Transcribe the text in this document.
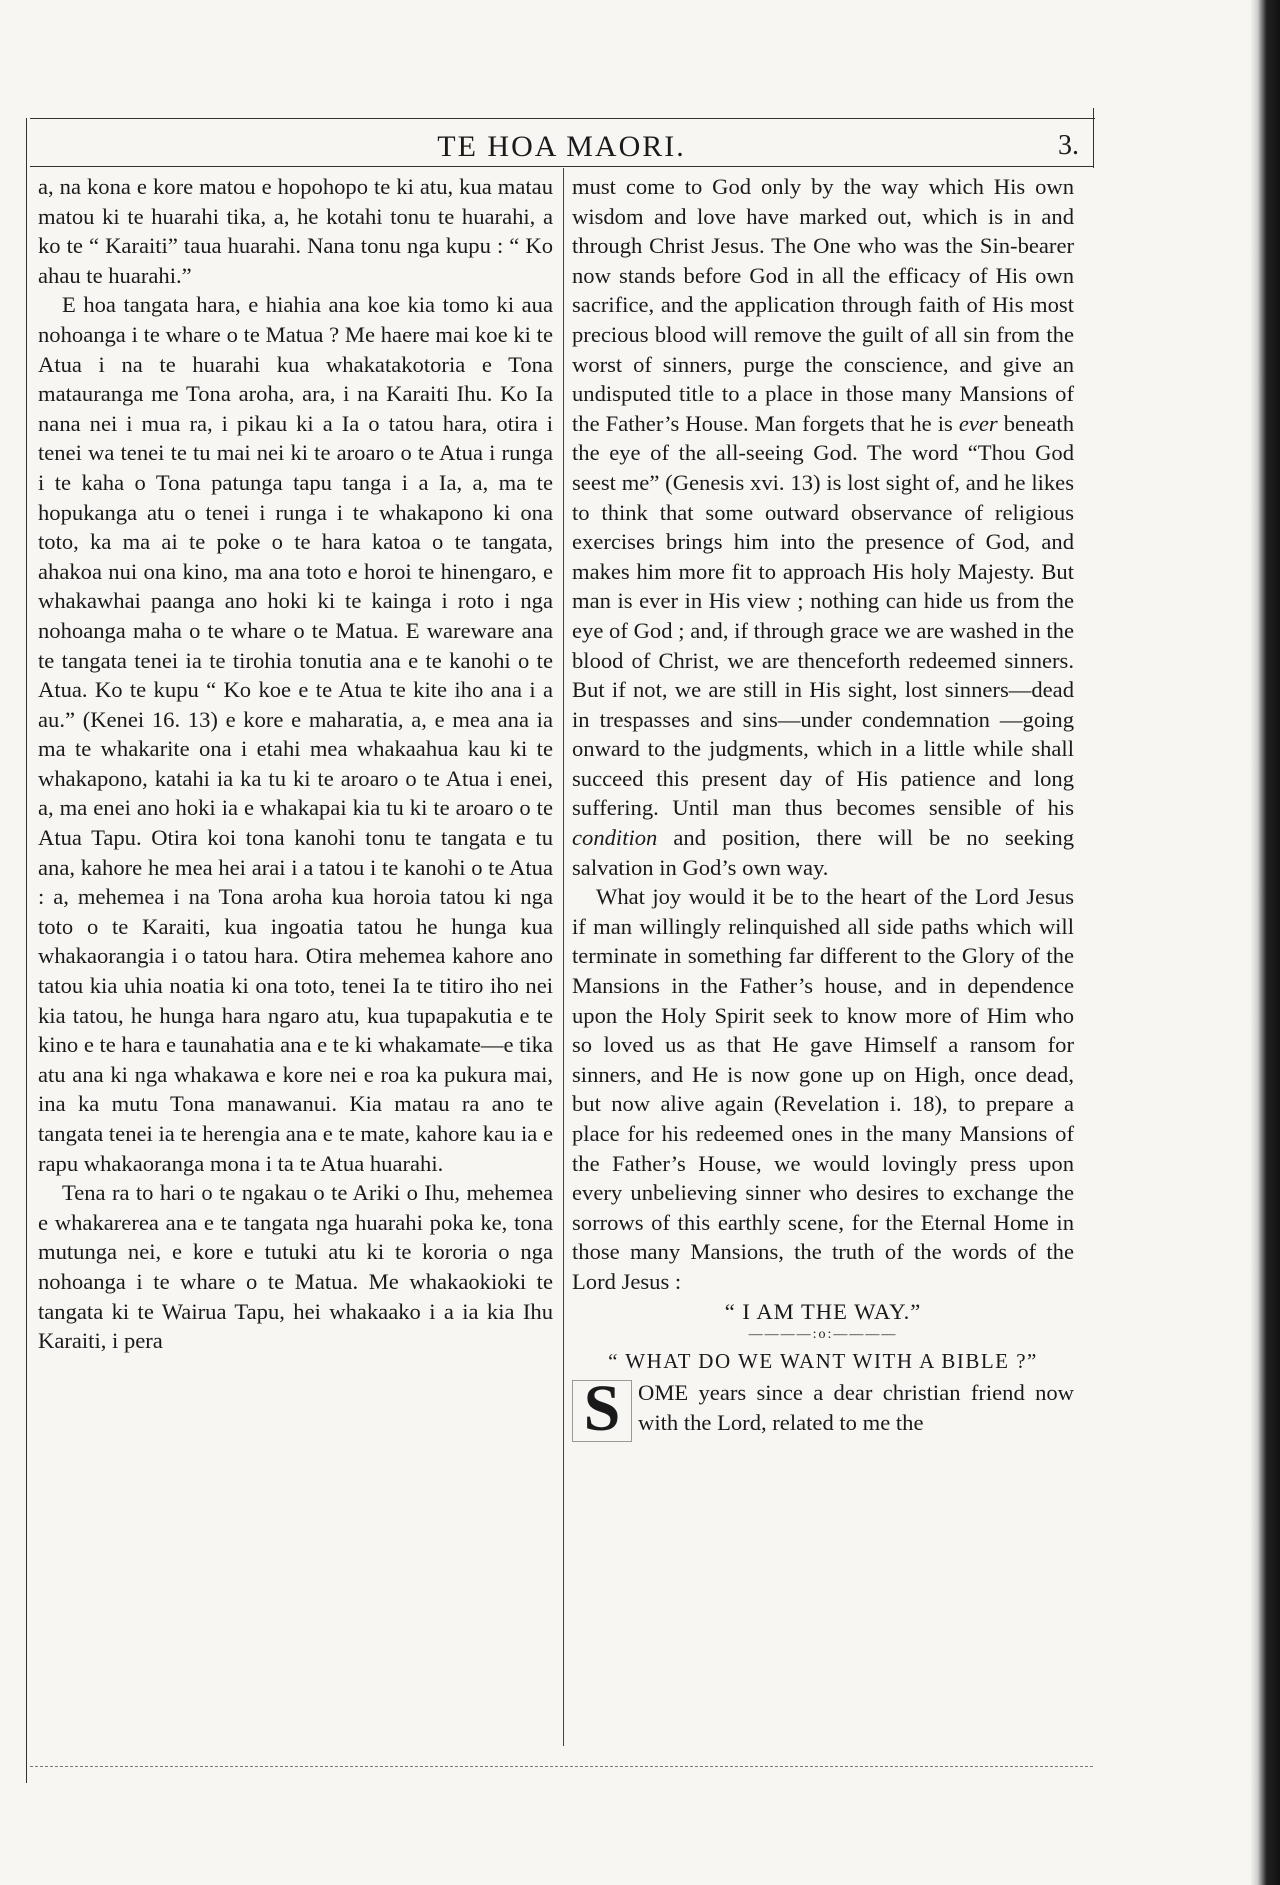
TE HOA MAORI.	3.

a, na kona e kore matou e hopohopo te ki atu, kua matau matou ki te huarahi tika, a, he kotahi tonu te huarahi, a ko te “ Karaiti” taua huarahi. Nana tonu nga kupu : “ Ko ahau te huarahi.”

E hoa tangata hara, e hiahia ana koe kia tomo ki aua nohoanga i te whare o te Matua ? Me haere mai koe ki te Atua i na te huarahi kua whakatakotoria e Tona matauranga me Tona aroha, ara, i na Karaiti Ihu. Ko Ia nana nei i mua ra, i pikau ki a Ia o tatou hara, otira i tenei wa tenei te tu mai nei ki te aroaro o te Atua i runga i te kaha o Tona patunga tapu tanga i a Ia, a, ma te hopukanga atu o tenei i runga i te whakapono ki ona toto, ka ma ai te poke o te hara katoa o te tangata, ahakoa nui ona kino, ma ana toto e horoi te hinengaro, e whakawhai paanga ano hoki ki te kainga i roto i nga nohoanga maha o te whare o te Matua. E wareware ana te tangata tenei ia te tirohia tonutia ana e te kanohi o te Atua. Ko te kupu “ Ko koe e te Atua te kite iho ana i a au.” (Kenei 16. 13) e kore e maharatia, a, e mea ana ia ma te whakarite ona i etahi mea whakaahua kau ki te whakapono, katahi ia ka tu ki te aroaro o te Atua i enei, a, ma enei ano hoki ia e whakapai kia tu ki te aroaro o te Atua Tapu. Otira koi tona kanohi tonu te tangata e tu ana, kahore he mea hei arai i a tatou i te kanohi o te Atua : a, mehemea i na Tona aroha kua horoia tatou ki nga toto o te Karaiti, kua ingoatia tatou he hunga kua whakaorangia i o tatou hara. Otira mehemea kahore ano tatou kia uhia noatia ki ona toto, tenei Ia te titiro iho nei kia tatou, he hunga hara ngaro atu, kua tupapakutia e te kino e te hara e taunahatia ana e te ki whakamate—e tika atu ana ki nga whakawa e kore nei e roa ka pukura mai, ina ka mutu Tona manawanui. Kia matau ra ano te tangata tenei ia te herengia ana e te mate, kahore kau ia e rapu whakaoranga mona i ta te Atua huarahi.

Tena ra to hari o te ngakau o te Ariki o Ihu, mehemea e whakarerea ana e te tangata nga huarahi poka ke, tona mutunga nei, e kore e tutuki atu ki te kororia o nga nohoanga i te whare o te Matua. Me whakaokioki te tangata ki te Wairua Tapu, hei whakaako i a ia kia Ihu Karaiti, i pera

must come to God only by the way which His own wisdom and love have marked out, which is in and through Christ Jesus. The One who was the Sin-bearer now stands before God in all the efficacy of His own sacrifice, and the application through faith of His most precious blood will remove the guilt of all sin from the worst of sinners, purge the conscience, and give an undisputed title to a place in those many Mansions of the Father’s House. Man forgets that he is ever beneath the eye of the all-seeing God. The word “Thou God seest me” (Genesis xvi. 13) is lost sight of, and he likes to think that some outward observance of religious exercises brings him into the presence of God, and makes him more fit to approach His holy Majesty. But man is ever in His view ; nothing can hide us from the eye of God ; and, if through grace we are washed in the blood of Christ, we are thenceforth redeemed sinners. But if not, we are still in His sight, lost sinners—dead in trespasses and sins—under condemnation —going onward to the judgments, which in a little while shall succeed this present day of His patience and long suffering. Until man thus becomes sensible of his condition and position, there will be no seeking salvation in God’s own way.

What joy would it be to the heart of the Lord Jesus if man willingly relinquished all side paths which will terminate in something far different to the Glory of the Mansions in the Father’s house, and in dependence upon the Holy Spirit seek to know more of Him who so loved us as that He gave Himself a ransom for sinners, and He is now gone up on High, once dead, but now alive again (Revelation i. 18), to prepare a place for his redeemed ones in the many Mansions of the Father’s House, we would lovingly press upon every unbelieving sinner who desires to exchange the sorrows of this earthly scene, for the Eternal Home in those many Mansions, the truth of the words of the Lord Jesus :

“ I AM THE WAY.”

————:o:————

“ WHAT DO WE WANT WITH A BIBLE ?”

S OME years since a dear christian friend now with the Lord, related to me the
